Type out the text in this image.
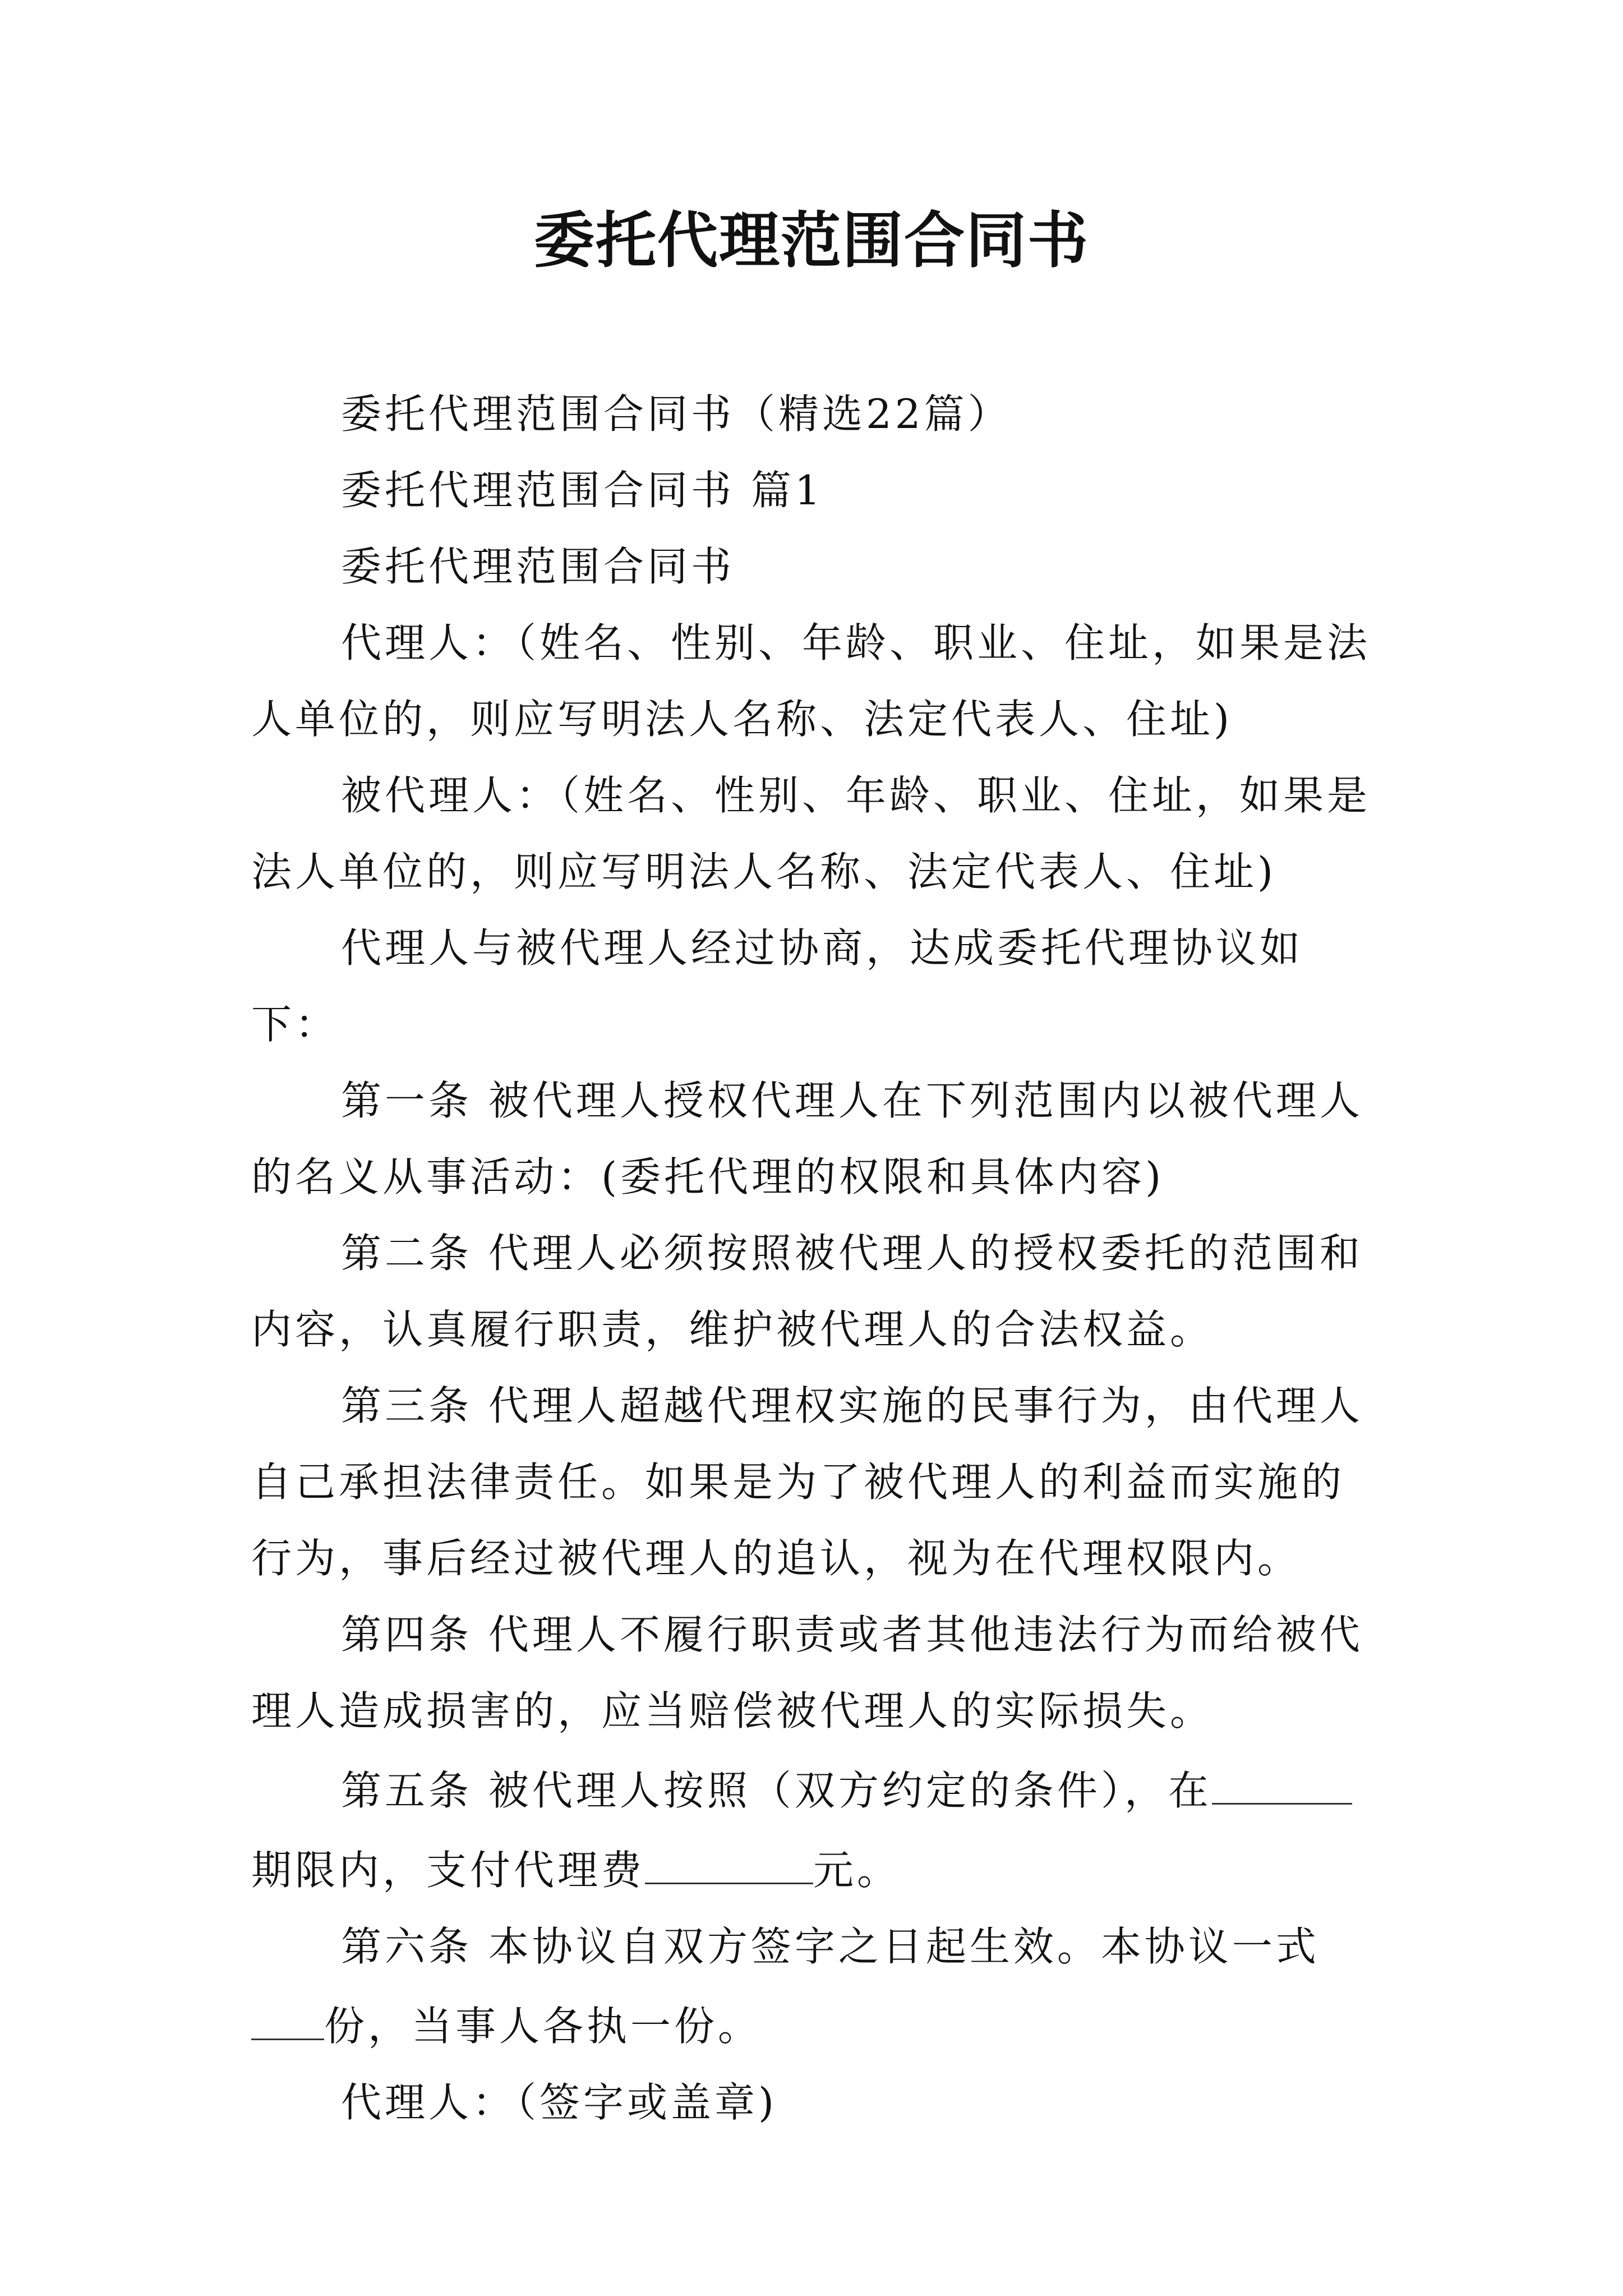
委托代理范围合同书

委托代理范围合同书（精选22篇）

委托代理范围合同书 篇1

委托代理范围合同书

代理人：（姓名、性别、年龄、职业、住址，如果是法人单位的，则应写明法人名称、法定代表人、住址)

被代理人：（姓名、性别、年龄、职业、住址，如果是法人单位的，则应写明法人名称、法定代表人、住址)

代理人与被代理人经过协商，达成委托代理协议如下：

第一条 被代理人授权代理人在下列范围内以被代理人的名义从事活动：(委托代理的权限和具体内容)

第二条 代理人必须按照被代理人的授权委托的范围和内容，认真履行职责，维护被代理人的合法权益。

第三条 代理人超越代理权实施的民事行为，由代理人自己承担法律责任。如果是为了被代理人的利益而实施的行为，事后经过被代理人的追认，视为在代理权限内。

第四条 代理人不履行职责或者其他违法行为而给被代理人造成损害的，应当赔偿被代理人的实际损失。

第五条 被代理人按照（双方约定的条件），在期限内，支付代理费	元。

第六条 本协议自双方签字之日起生效。本协议一式份，当事人各执一份。

代理人：（签字或盖章)
